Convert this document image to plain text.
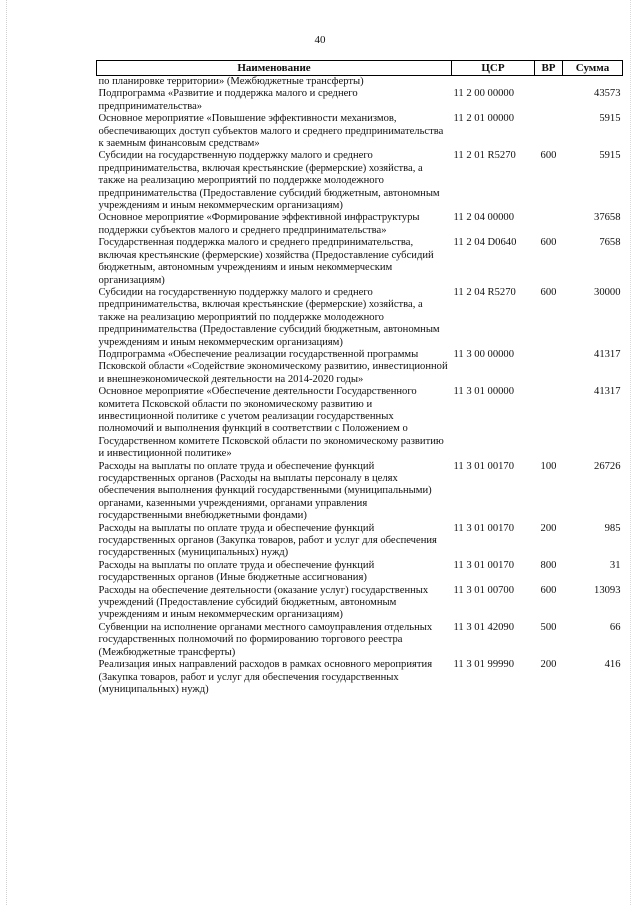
40
Наименование	ЦСР	ВР	Сумма
по планировке территории» (Межбюджетные трансферты)			
Подпрограмма «Развитие и поддержка малого и среднего предпринимательства»	11 2 00 00000		43573
Основное мероприятие «Повышение эффективности механизмов, обеспечивающих доступ субъектов малого и среднего предпринимательства к заемным финансовым средствам»	11 2 01 00000		5915
Субсидии на государственную поддержку малого и среднего предпринимательства, включая крестьянские (фермерские) хозяйства, а также на реализацию мероприятий по поддержке молодежного предпринимательства (Предоставление субсидий бюджетным, автономным учреждениям и иным некоммерческим организациям)	11 2 01 R5270	600	5915
Основное мероприятие «Формирование эффективной инфраструктуры поддержки субъектов малого и среднего предпринимательства»	11 2 04 00000		37658
Государственная поддержка малого и среднего предпринимательства, включая крестьянские (фермерские) хозяйства (Предоставление субсидий бюджетным, автономным учреждениям и иным некоммерческим организациям)	11 2 04 D0640	600	7658
Субсидии на государственную поддержку малого и среднего предпринимательства, включая крестьянские (фермерские) хозяйства, а также на реализацию мероприятий по поддержке молодежного предпринимательства (Предоставление субсидий бюджетным, автономным учреждениям и иным некоммерческим организациям)	11 2 04 R5270	600	30000
Подпрограмма «Обеспечение реализации государственной программы Псковской области «Содействие экономическому развитию, инвестиционной и внешнеэкономической деятельности на 2014-2020 годы»	11 3 00 00000		41317
Основное мероприятие «Обеспечение деятельности Государственного комитета Псковской области по экономическому развитию и инвестиционной политике с учетом реализации государственных полномочий и выполнения функций в соответствии с Положением о Государственном комитете Псковской области по экономическому развитию и инвестиционной политике»	11 3 01 00000		41317
Расходы на выплаты по оплате труда и обеспечение функций государственных органов (Расходы на выплаты персоналу в целях обеспечения выполнения функций государственными (муниципальными) органами, казенными учреждениями, органами управления государственными внебюджетными фондами)	11 3 01 00170	100	26726
Расходы на выплаты по оплате труда и обеспечение функций государственных органов (Закупка товаров, работ и услуг для обеспечения государственных (муниципальных) нужд)	11 3 01 00170	200	985
Расходы на выплаты по оплате труда и обеспечение функций государственных органов (Иные бюджетные ассигнования)	11 3 01 00170	800	31
Расходы на обеспечение деятельности (оказание услуг) государственных учреждений (Предоставление субсидий бюджетным, автономным учреждениям и иным некоммерческим организациям)	11 3 01 00700	600	13093
Субвенции на исполнение органами местного самоуправления отдельных государственных полномочий по формированию торгового реестра (Межбюджетные трансферты)	11 3 01 42090	500	66
Реализация иных направлений расходов в рамках основного мероприятия (Закупка товаров, работ и услуг для обеспечения государственных (муниципальных) нужд)	11 3 01 99990	200	416
